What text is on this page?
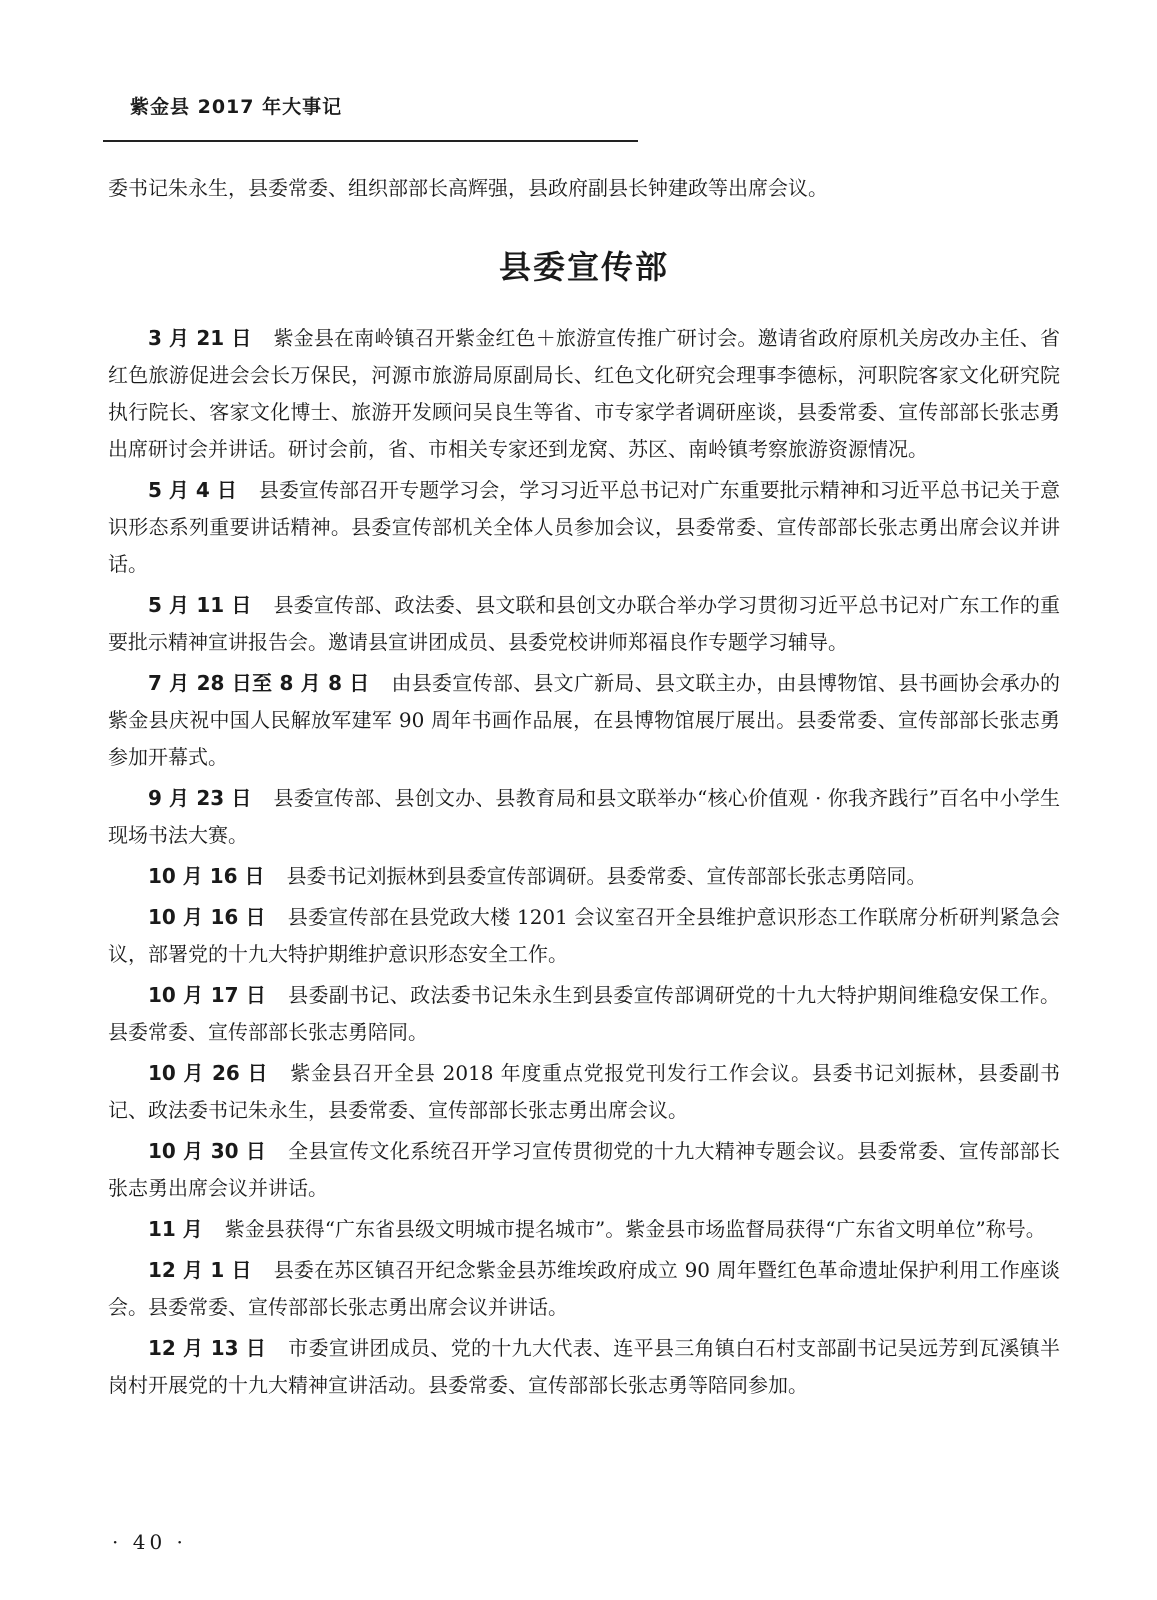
紫金县 2017 年大事记

委书记朱永生，县委常委、组织部部长高辉强，县政府副县长钟建政等出席会议。

县委宣传部

3 月 21 日 紫金县在南岭镇召开紫金红色＋旅游宣传推广研讨会。邀请省政府原机关房改办主任、省红色旅游促进会会长万保民，河源市旅游局原副局长、红色文化研究会理事李德标，河职院客家文化研究院执行院长、客家文化博士、旅游开发顾问吴良生等省、市专家学者调研座谈，县委常委、宣传部部长张志勇出席研讨会并讲话。研讨会前，省、市相关专家还到龙窝、苏区、南岭镇考察旅游资源情况。

5 月 4 日 县委宣传部召开专题学习会，学习习近平总书记对广东重要批示精神和习近平总书记关于意识形态系列重要讲话精神。县委宣传部机关全体人员参加会议，县委常委、宣传部部长张志勇出席会议并讲话。

5 月 11 日 县委宣传部、政法委、县文联和县创文办联合举办学习贯彻习近平总书记对广东工作的重要批示精神宣讲报告会。邀请县宣讲团成员、县委党校讲师郑福良作专题学习辅导。

7 月 28 日至 8 月 8 日 由县委宣传部、县文广新局、县文联主办，由县博物馆、县书画协会承办的紫金县庆祝中国人民解放军建军 90 周年书画作品展，在县博物馆展厅展出。县委常委、宣传部部长张志勇参加开幕式。

9 月 23 日 县委宣传部、县创文办、县教育局和县文联举办“核心价值观 · 你我齐践行”百名中小学生现场书法大赛。

10 月 16 日 县委书记刘振林到县委宣传部调研。县委常委、宣传部部长张志勇陪同。

10 月 16 日 县委宣传部在县党政大楼 1201 会议室召开全县维护意识形态工作联席分析研判紧急会议，部署党的十九大特护期维护意识形态安全工作。

10 月 17 日 县委副书记、政法委书记朱永生到县委宣传部调研党的十九大特护期间维稳安保工作。县委常委、宣传部部长张志勇陪同。

10 月 26 日 紫金县召开全县 2018 年度重点党报党刊发行工作会议。县委书记刘振林，县委副书记、政法委书记朱永生，县委常委、宣传部部长张志勇出席会议。

10 月 30 日 全县宣传文化系统召开学习宣传贯彻党的十九大精神专题会议。县委常委、宣传部部长张志勇出席会议并讲话。

11 月 紫金县获得“广东省县级文明城市提名城市”。紫金县市场监督局获得“广东省文明单位”称号。

12 月 1 日 县委在苏区镇召开纪念紫金县苏维埃政府成立 90 周年暨红色革命遗址保护利用工作座谈会。县委常委、宣传部部长张志勇出席会议并讲话。

12 月 13 日 市委宣讲团成员、党的十九大代表、连平县三角镇白石村支部副书记吴远芳到瓦溪镇半岗村开展党的十九大精神宣讲活动。县委常委、宣传部部长张志勇等陪同参加。

· 40 ·
